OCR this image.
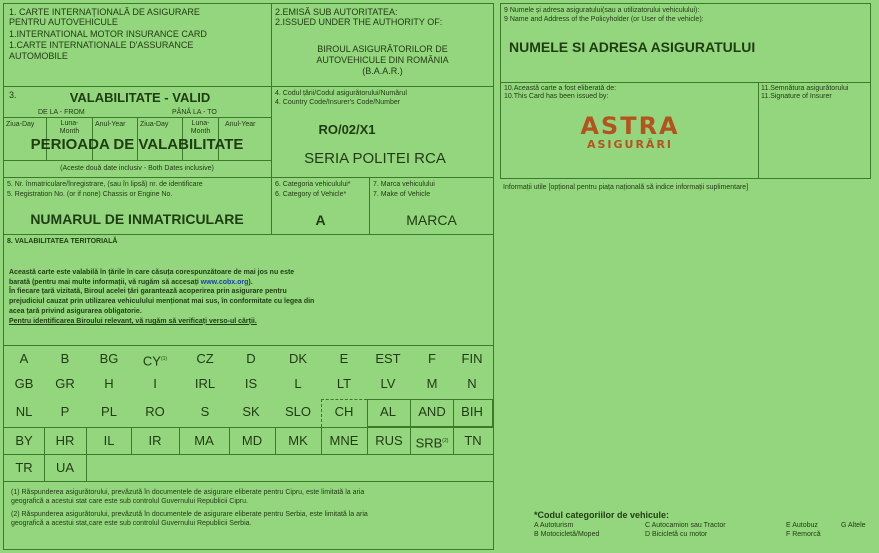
1. CARTE INTERNAȚIONALĂ DE ASIGURARE
PENTRU AUTOVEHICULE
1.INTERNATIONAL MOTOR INSURANCE CARD
1.CARTE INTERNATIONALE D'ASSURANCE
AUTOMOBILE
2.EMISĂ SUB AUTORITATEA:
2.ISSUED UNDER THE AUTHORITY OF:
BIROUL ASIGURĂTORILOR DE
AUTOVEHICULE DIN ROMÂNIA
(B.A.A.R.)
3.	VALABILITATE - VALID
DE LA - FROM	PÂNĂ LA - TO
Ziua-Day	Luna-
Month
Anul-Year Ziua-Day	Luna-
Month
Anul-Year
PERIOADA DE VALABILITATE
(Aceste două date inclusiv - Both Dates inclusive)
4. Codul țării/Codul asigurătorului/Numărul
4. Country Code/Insurer's Code/Number
RO/02/X1
SERIA POLITEI RCA
5. Nr. înmatriculare/înregistrare, (sau în lipsă) nr. de identificare
5. Registration No. (or if none) Chassis or Engine No.
NUMARUL DE INMATRICULARE
6. Categoria vehiculului*
6. Category of Vehicle*
A
7. Marca vehiculului
7. Make of Vehicle
MARCA
8. VALABILITATEA TERITORIALĂ
Această carte este valabilă în țările în care căsuța corespunzătoare de mai jos nu este
barată (pentru mai multe informații, vă rugăm să accesați www.cobx.org).
În fiecare țară vizitată, Biroul acelei țări garantează acoperirea prin asigurare pentru
prejudiciul cauzat prin utilizarea vehiculului menționat mai sus, în conformitate cu legea din
acea țară privind asigurarea obligatorie.
Pentru identificarea Biroului relevant, vă rugăm să verificați verso-ul cărții.
A	B	BG	CY$^{(1)}$	CZ	D	DK	E	EST	F	FIN
GB	GR	H	I	IRL	IS	L	LT	LV	M	N
NL	P	PL	RO	S	SK	SLO	CH	AL	AND	BIH
BY	HR	IL	IR	MA	MD	MK	MNE	RUS SRB$^{(2)}$	TN
TR	UA
(1) Răspunderea asigurătorului, prevăzută în documentele de asigurare eliberate pentru Cipru, este limitată la aria
geografică a acestui stat care este sub controlul Guvernului Republicii Cipru.
(2) Răspunderea asigurătorului, prevăzută în documentele de asigurare eliberate pentru Serbia, este limitată la aria
geografică a acestui stat,care este sub controlul Guvernului Republicii Serbia.
9 Numele și adresa asiguratului(sau a utilizatorului vehiculului):
9 Name and Address of the Policyholder (or User of the vehicle):
NUMELE SI ADRESA ASIGURATULUI
10.Această carte a fost eliberată de:
10.This Card has been issued by:
ASTRA
ASIGURĂRI
11.Semnătura asigurătorului
11.Signature of Insurer
Informații utile [opțional pentru piața națională să indice informații suplimentare]
*Codul categoriilor de vehicule:
A Autoturism
B Motocicletă/Moped
C Autocamion sau Tractor
D Bicicletă cu motor
E Autobuz
F Remorcă
G Altele
